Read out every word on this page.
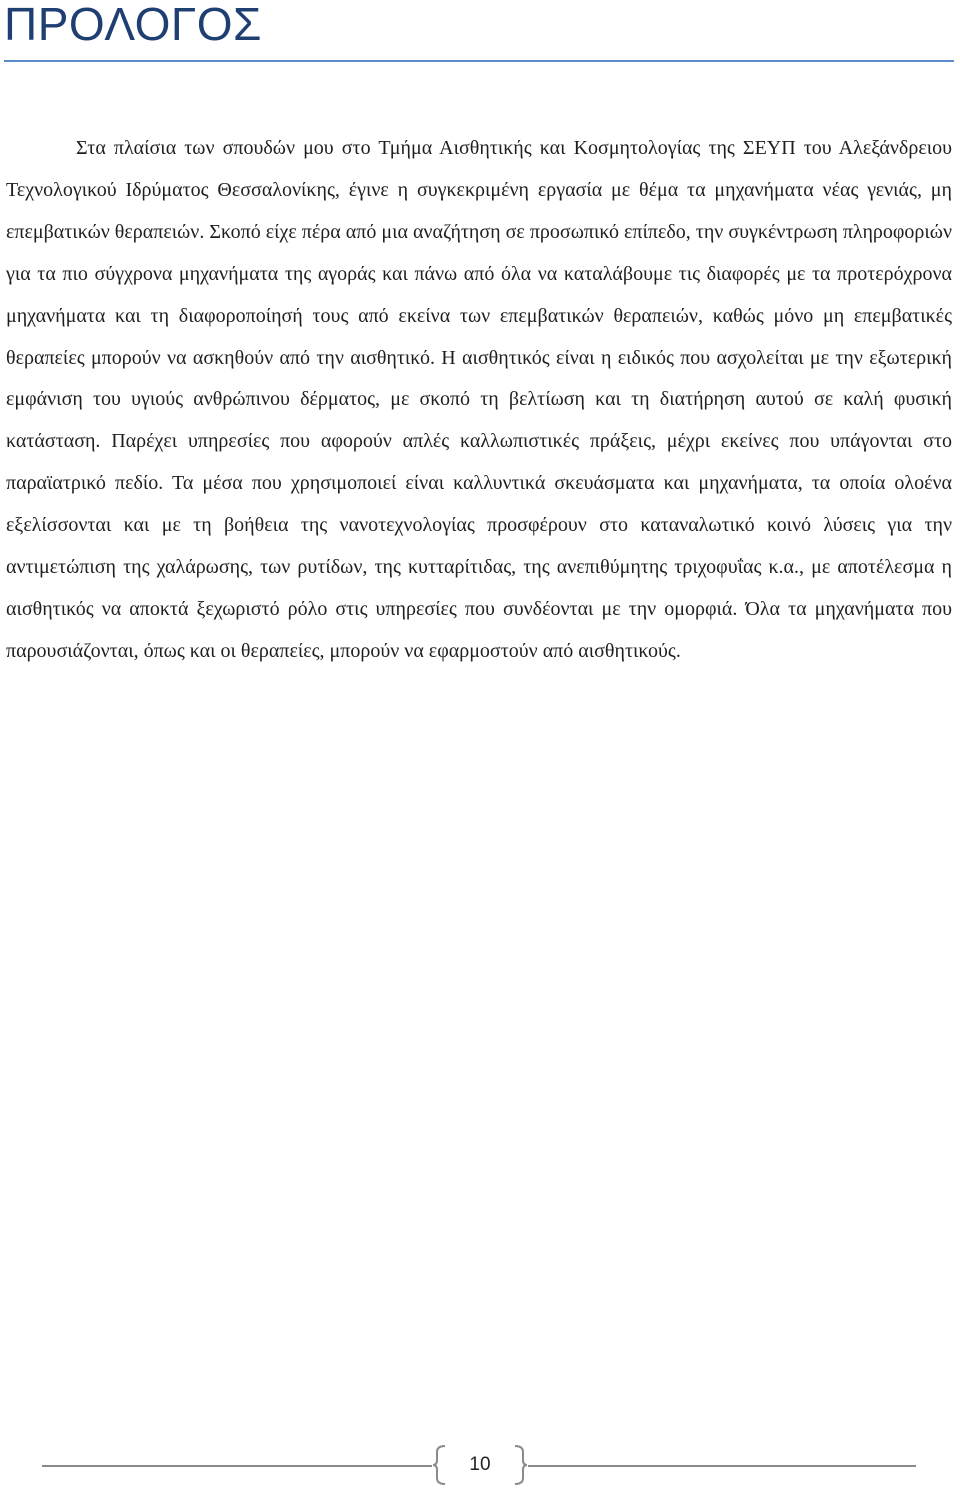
ΠΡΟΛΟΓΟΣ

Στα πλαίσια των σπουδών μου στο Τμήμα Αισθητικής και Κοσμητολογίας της ΣΕΥΠ του Αλεξάνδρειου Τεχνολογικού Ιδρύματος Θεσσαλονίκης, έγινε η συγκεκριμένη εργασία με θέμα τα μηχανήματα νέας γενιάς, μη επεμβατικών θεραπειών. Σκοπό είχε πέρα από μια αναζήτηση σε προσωπικό επίπεδο, την συγκέντρωση πληροφοριών για τα πιο σύγχρονα μηχανήματα της αγοράς και πάνω από όλα να καταλάβουμε τις διαφορές με τα προτερόχρονα μηχανήματα και τη διαφοροποίησή τους από εκείνα των επεμβατικών θεραπειών, καθώς μόνο μη επεμβατικές θεραπείες μπορούν να ασκηθούν από την αισθητικό. Η αισθητικός είναι η ειδικός που ασχολείται με την εξωτερική εμφάνιση του υγιούς ανθρώπινου δέρματος, με σκοπό τη βελτίωση και τη διατήρηση αυτού σε καλή φυσική κατάσταση. Παρέχει υπηρεσίες που αφορούν απλές καλλωπιστικές πράξεις, μέχρι εκείνες που υπάγονται στο παραϊατρικό πεδίο. Τα μέσα που χρησιμοποιεί είναι καλλυντικά σκευάσματα και μηχανήματα, τα οποία ολοένα εξελίσσονται και με τη βοήθεια της νανοτεχνολογίας προσφέρουν στο καταναλωτικό κοινό λύσεις για την αντιμετώπιση της χαλάρωσης, των ρυτίδων, της κυτταρίτιδας, της ανεπιθύμητης τριχοφυΐας κ.α., με αποτέλεσμα η αισθητικός να αποκτά ξεχωριστό ρόλο στις υπηρεσίες που συνδέονται με την ομορφιά. Όλα τα μηχανήματα που παρουσιάζονται, όπως και οι θεραπείες, μπορούν να εφαρμοστούν από αισθητικούς.

10
